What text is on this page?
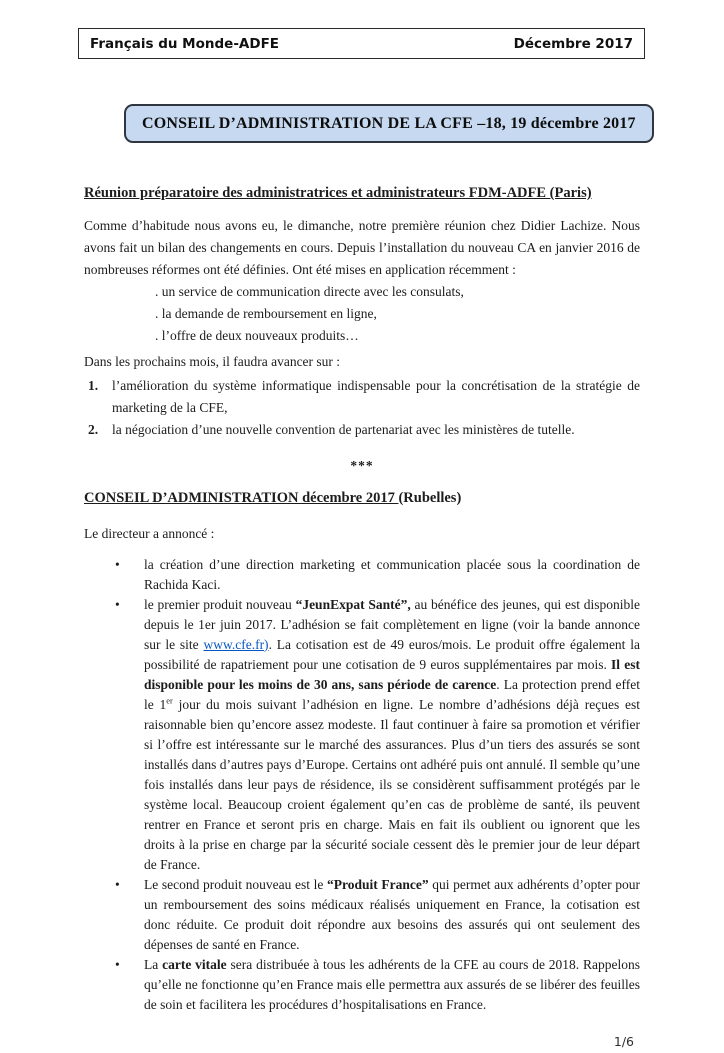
Français du Monde-ADFE	Décembre 2017
CONSEIL D’ADMINISTRATION DE LA CFE –18, 19 décembre 2017
Réunion préparatoire des administratrices et administrateurs FDM-ADFE (Paris)

Comme d’habitude nous avons eu, le dimanche, notre première réunion chez Didier Lachize. Nous avons fait un bilan des changements en cours. Depuis l’installation du nouveau CA en janvier 2016 de nombreuses réformes ont été définies. Ont été mises en application récemment :

. un service de communication directe avec les consulats,
. la demande de remboursement en ligne,
. l’offre de deux nouveaux produits…

Dans les prochains mois, il faudra avancer sur :

1.	l’amélioration du système informatique indispensable pour la concrétisation de la stratégie de marketing de la CFE,
2.	la négociation d’une nouvelle convention de partenariat avec les ministères de tutelle.
***
CONSEIL D’ADMINISTRATION décembre 2017 (Rubelles)

Le directeur a annoncé :

•	la création d’une direction marketing et communication placée sous la coordination de Rachida Kaci.
•	le premier produit nouveau “JeunExpat Santé”, au bénéfice des jeunes, qui est disponible depuis le 1er juin 2017. L’adhésion se fait complètement en ligne (voir la bande annonce sur le site www.cfe.fr). La cotisation est de 49 euros/mois. Le produit offre également la possibilité de rapatriement pour une cotisation de 9 euros supplémentaires par mois. Il est disponible pour les moins de 30 ans, sans période de carence. La protection prend effet le 1er jour du mois suivant l’adhésion en ligne. Le nombre d’adhésions déjà reçues est raisonnable bien qu’encore assez modeste. Il faut continuer à faire sa promotion et vérifier si l’offre est intéressante sur le marché des assurances. Plus d’un tiers des assurés se sont installés dans d’autres pays d’Europe. Certains ont adhéré puis ont annulé. Il semble qu’une fois installés dans leur pays de résidence, ils se considèrent suffisamment protégés par le système local. Beaucoup croient également qu’en cas de problème de santé, ils peuvent rentrer en France et seront pris en charge. Mais en fait ils oublient ou ignorent que les droits à la prise en charge par la sécurité sociale cessent dès le premier jour de leur départ de France.
•	Le second produit nouveau est le “Produit France” qui permet aux adhérents d’opter pour un remboursement des soins médicaux réalisés uniquement en France, la cotisation est donc réduite. Ce produit doit répondre aux besoins des assurés qui ont seulement des dépenses de santé en France.
•	La carte vitale sera distribuée à tous les adhérents de la CFE au cours de 2018. Rappelons qu’elle ne fonctionne qu’en France mais elle permettra aux assurés de se libérer des feuilles de soin et facilitera les procédures d’hospitalisations en France.
1/6
